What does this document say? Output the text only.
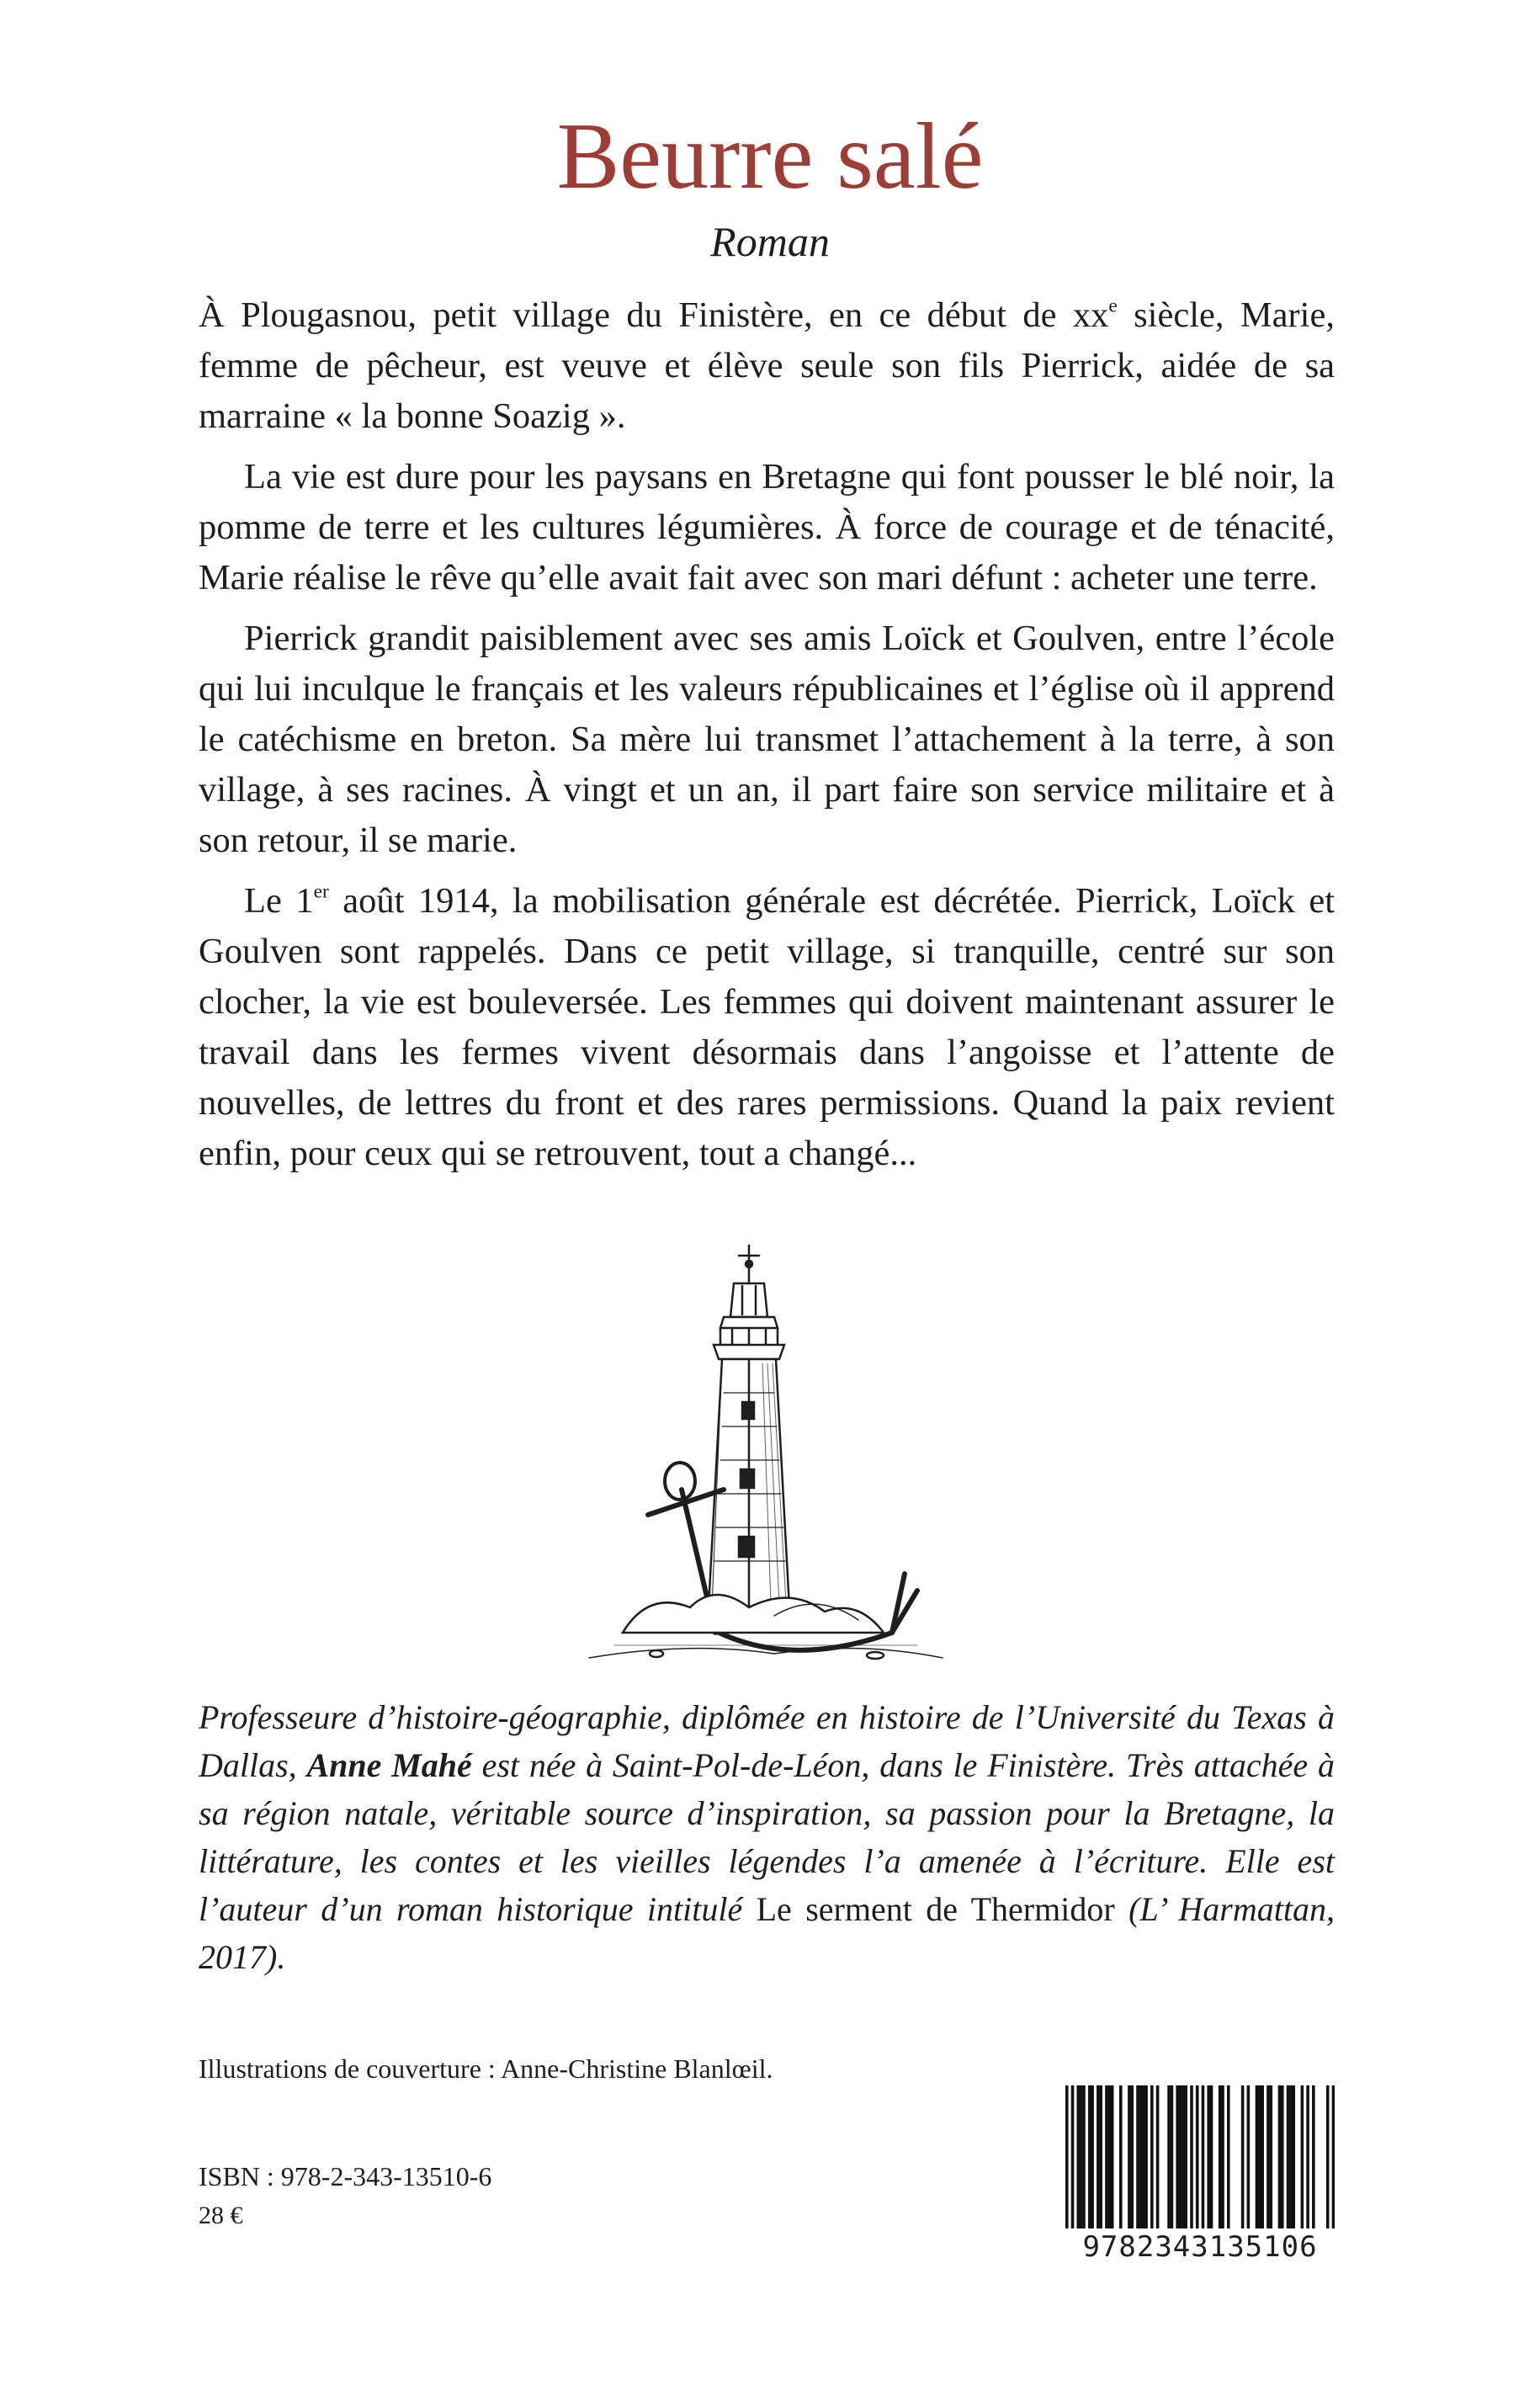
Beurre salé
Roman

À Plougasnou, petit village du Finistère, en ce début de $xx^e$ siècle, Marie, femme de pêcheur, est veuve et élève seule son fils Pierrick, aidée de sa marraine « la bonne Soazig ».

La vie est dure pour les paysans en Bretagne qui font pousser le blé noir, la pomme de terre et les cultures légumières. À force de courage et de ténacité, Marie réalise le rêve qu’elle avait fait avec son mari défunt : acheter une terre.

Pierrick grandit paisiblement avec ses amis Loïck et Goulven, entre l’école qui lui inculque le français et les valeurs républicaines et l’église où il apprend le catéchisme en breton. Sa mère lui transmet l’attachement à la terre, à son village, à ses racines. À vingt et un an, il part faire son service militaire et à son retour, il se marie.

Le 1er août 1914, la mobilisation générale est décrétée. Pierrick, Loïck et Goulven sont rappelés. Dans ce petit village, si tranquille, centré sur son clocher, la vie est bouleversée. Les femmes qui doivent maintenant assurer le travail dans les fermes vivent désormais dans l’angoisse et l’attente de nouvelles, de lettres du front et des rares permissions. Quand la paix revient enfin, pour ceux qui se retrouvent, tout a changé...

Professeure d’histoire-géographie, diplômée en histoire de l’Université du Texas à Dallas, Anne Mahé est née à Saint-Pol-de-Léon, dans le Finistère. Très attachée à sa région natale, véritable source d’inspiration, sa passion pour la Bretagne, la littérature, les contes et les vieilles légendes l’a amenée à l’écriture. Elle est l’auteur d’un roman historique intitulé Le serment de Thermidor (L’ Harmattan, 2017).
Illustrations de couverture : Anne-Christine Blanlœil.
ISBN : 978-2-343-13510-6
28 €
9782343135106
